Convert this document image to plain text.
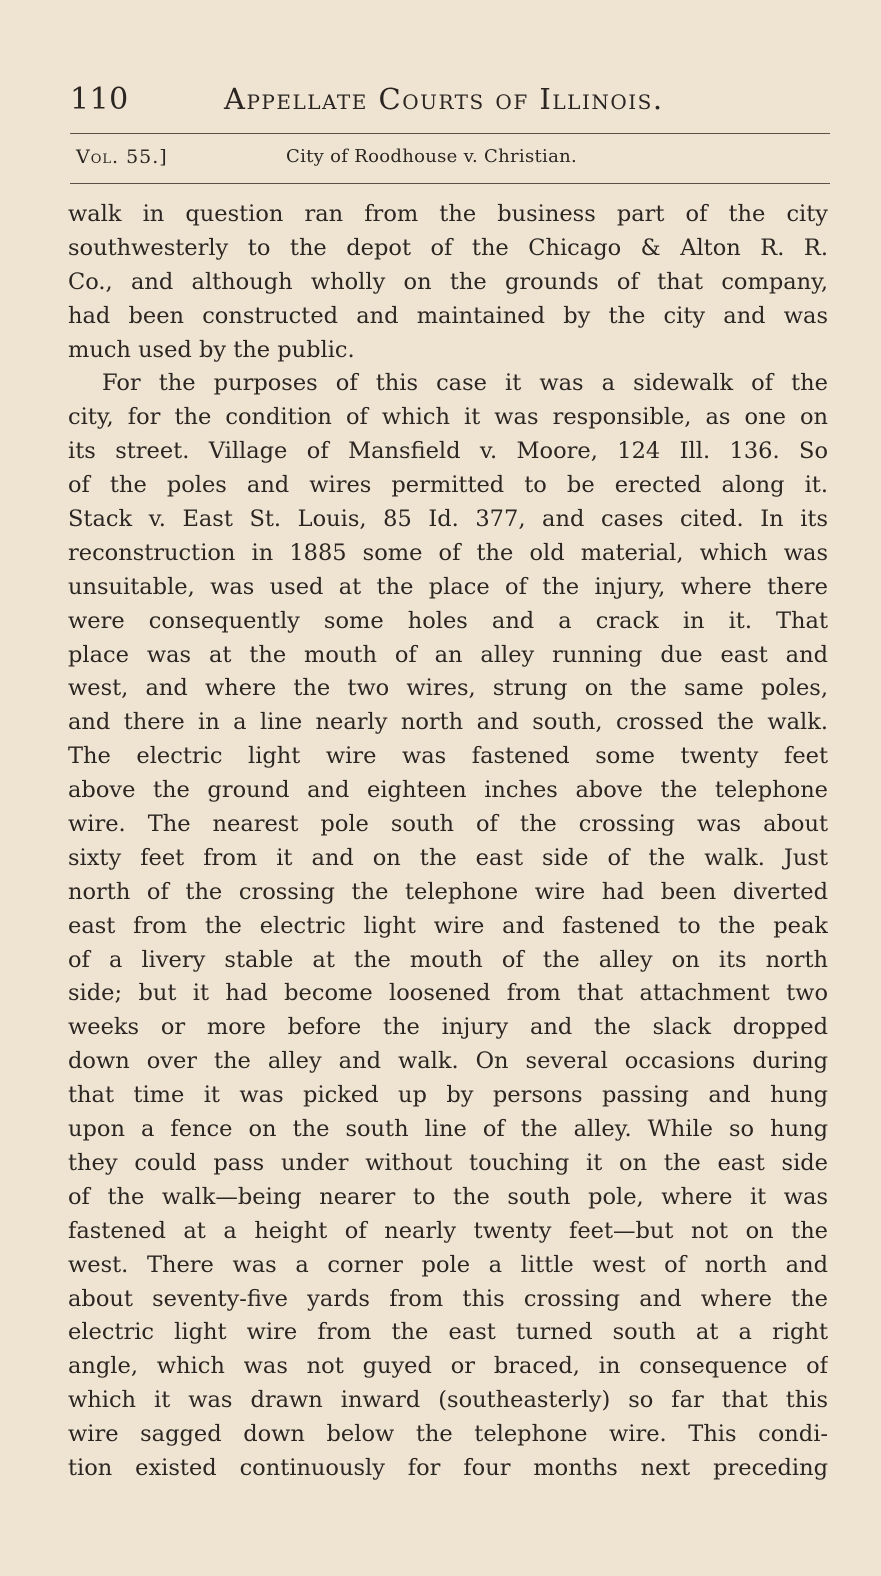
110	Appellate Courts of Illinois.
Vol. 55.]	City of Roodhouse v. Christian.
walk in question ran from the business part of the city
southwesterly to the depot of the Chicago & Alton R. R.
Co., and although wholly on the grounds of that company,
had been constructed and maintained by the city and was
much used by the public.
For the purposes of this case it was a sidewalk of the
city, for the condition of which it was responsible, as one on
its street. Village of Mansfield v. Moore, 124 Ill. 136. So
of the poles and wires permitted to be erected along it.
Stack v. East St. Louis, 85 Id. 377, and cases cited. In its
reconstruction in 1885 some of the old material, which was
unsuitable, was used at the place of the injury, where there
were consequently some holes and a crack in it. That
place was at the mouth of an alley running due east and
west, and where the two wires, strung on the same poles,
and there in a line nearly north and south, crossed the walk.
The electric light wire was fastened some twenty feet
above the ground and eighteen inches above the telephone
wire. The nearest pole south of the crossing was about
sixty feet from it and on the east side of the walk. Just
north of the crossing the telephone wire had been diverted
east from the electric light wire and fastened to the peak
of a livery stable at the mouth of the alley on its north
side; but it had become loosened from that attachment two
weeks or more before the injury and the slack dropped
down over the alley and walk. On several occasions during
that time it was picked up by persons passing and hung
upon a fence on the south line of the alley. While so hung
they could pass under without touching it on the east side
of the walk—being nearer to the south pole, where it was
fastened at a height of nearly twenty feet—but not on the
west. There was a corner pole a little west of north and
about seventy-five yards from this crossing and where the
electric light wire from the east turned south at a right
angle, which was not guyed or braced, in consequence of
which it was drawn inward (southeasterly) so far that this
wire sagged down below the telephone wire. This condi-
tion existed continuously for four months next preceding
